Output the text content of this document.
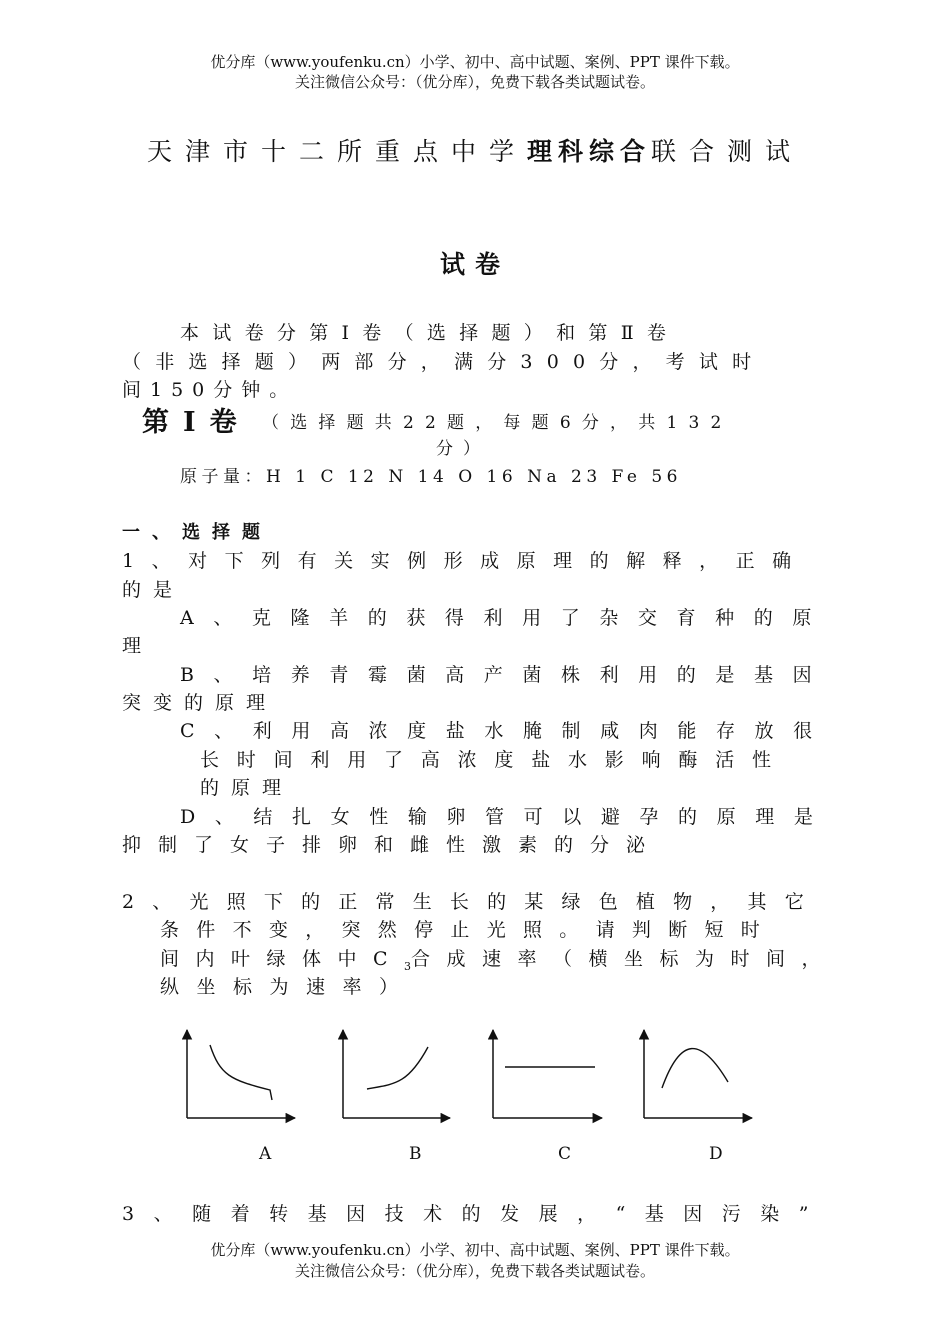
优分库（www.youfenku.cn）小学、初中、高中试题、案例、PPT 课件下载。
关注微信公众号：（优分库），免费下载各类试题试卷。
天津市十二所重点中学理科综合联合测试
试卷
本试卷分第Ⅰ卷（选择题）和第Ⅱ卷
（非选择题）两部分，满分300分，考试时
间150分钟。
第Ⅰ卷 （选择题共22题，每题6分，共132
分）
原子量：H 1 C 12 N 14 O 16 Na 23 Fe 56
一、选择题
1、对下列有关实例形成原理的解释，正确
的是
A、克隆羊的获得利用了杂交育种的原
理
B、培养青霉菌高产菌株利用的是基因
突变的原理
C、利用高浓度盐水腌制咸肉能存放很
长时间利用了高浓度盐水影响酶活性
的原理
D、结扎女性输卵管可以避孕的原理是
抑制了女子排卵和雌性激素的分泌
2、光照下的正常生长的某绿色植物，其它
条件不变，突然停止光照。请判断短时
间内叶绿体中$C_3$合成速率（横坐标为时间，
纵坐标为速率）
A	B	C	D
3、随着转基因技术的发展，“基因污染”
优分库（www.youfenku.cn）小学、初中、高中试题、案例、PPT 课件下载。
关注微信公众号：（优分库），免费下载各类试题试卷。
